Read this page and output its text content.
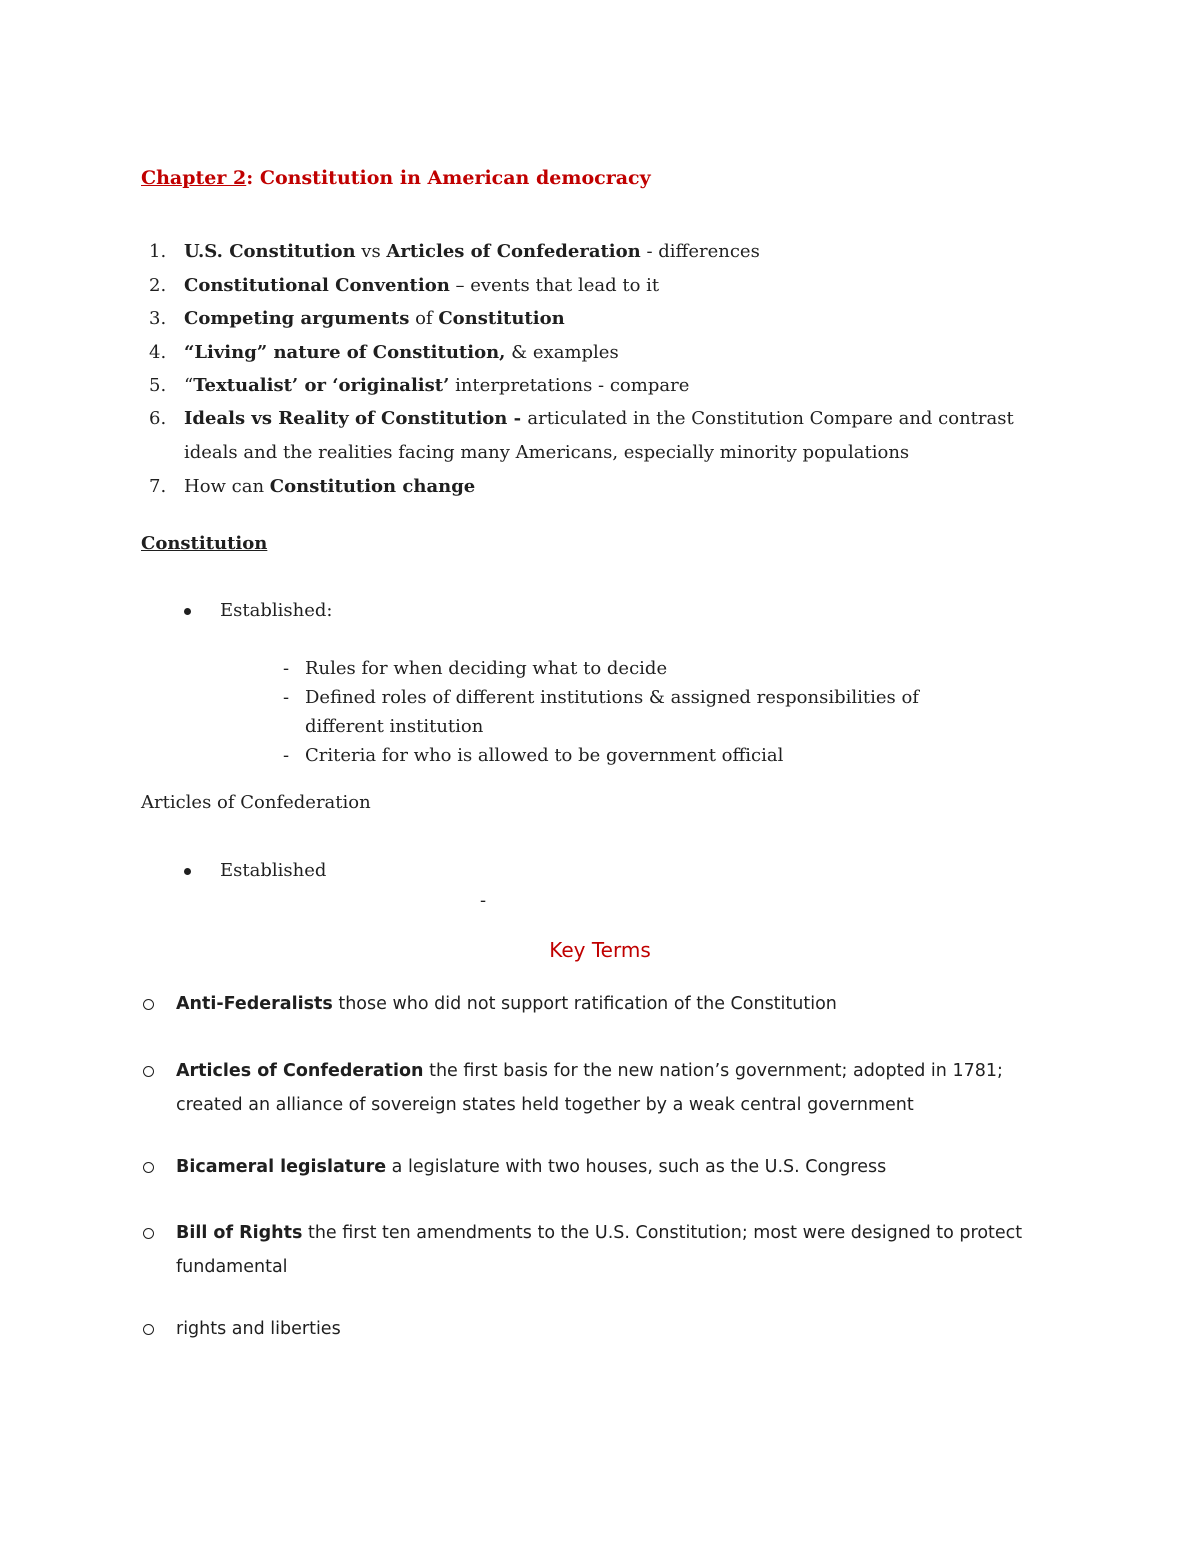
Chapter 2: Constitution in American democracy
1. U.S. Constitution vs Articles of Confederation - differences
2. Constitutional Convention – events that lead to it
3. Competing arguments of Constitution
4. “Living” nature of Constitution, & examples
5. “Textualist’ or ‘originalist’ interpretations - compare
6. Ideals vs Reality of Constitution - articulated in the Constitution Compare and contrast ideals and the realities facing many Americans, especially minority populations
7. How can Constitution change
Constitution
Established:
- Rules for when deciding what to decide
- Defined roles of different institutions & assigned responsibilities of different institution
- Criteria for who is allowed to be government official
Articles of Confederation
Established
-
Key Terms
Anti-Federalists those who did not support ratification of the Constitution
Articles of Confederation the first basis for the new nation’s government; adopted in 1781; created an alliance of sovereign states held together by a weak central government
Bicameral legislature a legislature with two houses, such as the U.S. Congress
Bill of Rights the first ten amendments to the U.S. Constitution; most were designed to protect fundamental
rights and liberties
